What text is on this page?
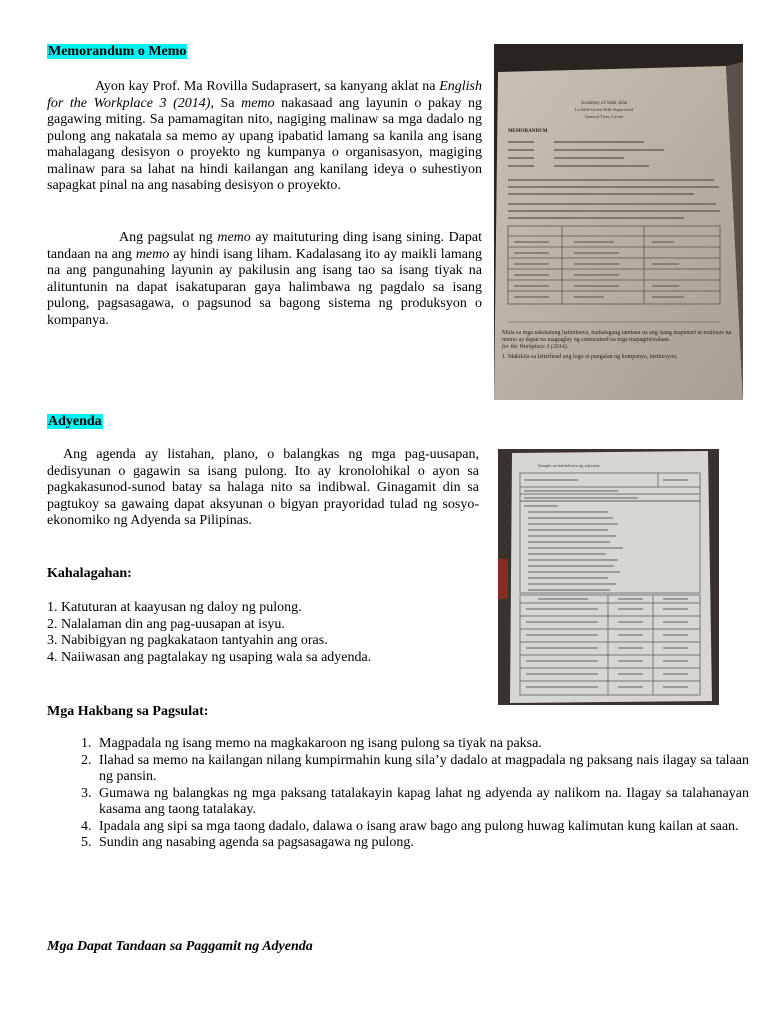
Memorandum o Memo
Ayon kay Prof. Ma Rovilla Sudaprasert, sa kanyang aklat na English for the Workplace 3 (2014), Sa memo nakasaad ang layunin o pakay ng gagawing miting. Sa pamamagitan nito, nagiging malinaw sa mga dadalo ng pulong ang nakatala sa memo ay upang ipabatid lamang sa kanila ang isang mahalagang desisyon o proyekto ng kumpanya o organisasyon, magiging malinaw para sa lahat na hindi kailangan ang kanilang ideya o suhestiyon sapagkat pinal na ang nasabing desisyon o proyekto.
Ang pagsulat ng memo ay maituturing ding isang sining. Dapat tandaan na ang memo ay hindi isang liham. Kadalasang ito ay maikli lamang na ang pangunahing layunin ay pakilusin ang isang tao sa isang tiyak na alituntunin na dapat isakatuparan gaya halimbawa ng pagdalo sa isang pulong, pagsasagawa, o pagsunod sa bagong sistema ng produksyon o kompanya.
Academy of Saint John
La Salle Green Hills Supervised
General Trias, Cavite
MEMORANDUM
Mula sa mga nakatalang halimbawa, mahalagang tandaan na ang isang mapanuri at malinaw na memo ay dapat na magtaglay ng sumusunod na mga mapagtitiwalaan.
for the Workplace 3 (2014).
1. Makikita sa letterhead ang logo at pangalan ng kompanya, institusyon,
Adyenda
Ang agenda ay listahan, plano, o balangkas ng mga pag-uusapan, dedisyunan o gagawin sa isang pulong. Ito ay kronolohikal o ayon sa pagkakasunod-sunod batay sa halaga nito sa indibwal. Ginagamit din sa pagtukoy sa gawaing dapat aksyunan o bigyan prayoridad tulad ng sosyo-ekonomiko ng Adyenda sa Pilipinas.
Kahalagahan:
1. Katuturan at kaayusan ng daloy ng pulong.
2. Nalalaman din ang pag-uusapan at isyu.
3. Nabibigyan ng pagkakataon tantyahin ang oras.
4. Naiiwasan ang pagtalakay ng usaping wala sa adyenda.
Sample na halimbawa ng adyenda
Mga Hakbang sa Pagsulat:
1. Magpadala ng isang memo na magkakaroon ng isang pulong sa tiyak na paksa.
2. Ilahad sa memo na kailangan nilang kumpirmahin kung sila’y dadalo at magpadala ng paksang nais ilagay sa talaan ng pansin.
3. Gumawa ng balangkas ng mga paksang tatalakayin kapag lahat ng adyenda ay nalikom na. Ilagay sa talahanayan kasama ang taong tatalakay.
4. Ipadala ang sipi sa mga taong dadalo, dalawa o isang araw bago ang pulong huwag kalimutan kung kailan at saan.
5. Sundin ang nasabing agenda sa pagsasagawa ng pulong.
Mga Dapat Tandaan sa Paggamit ng Adyenda
